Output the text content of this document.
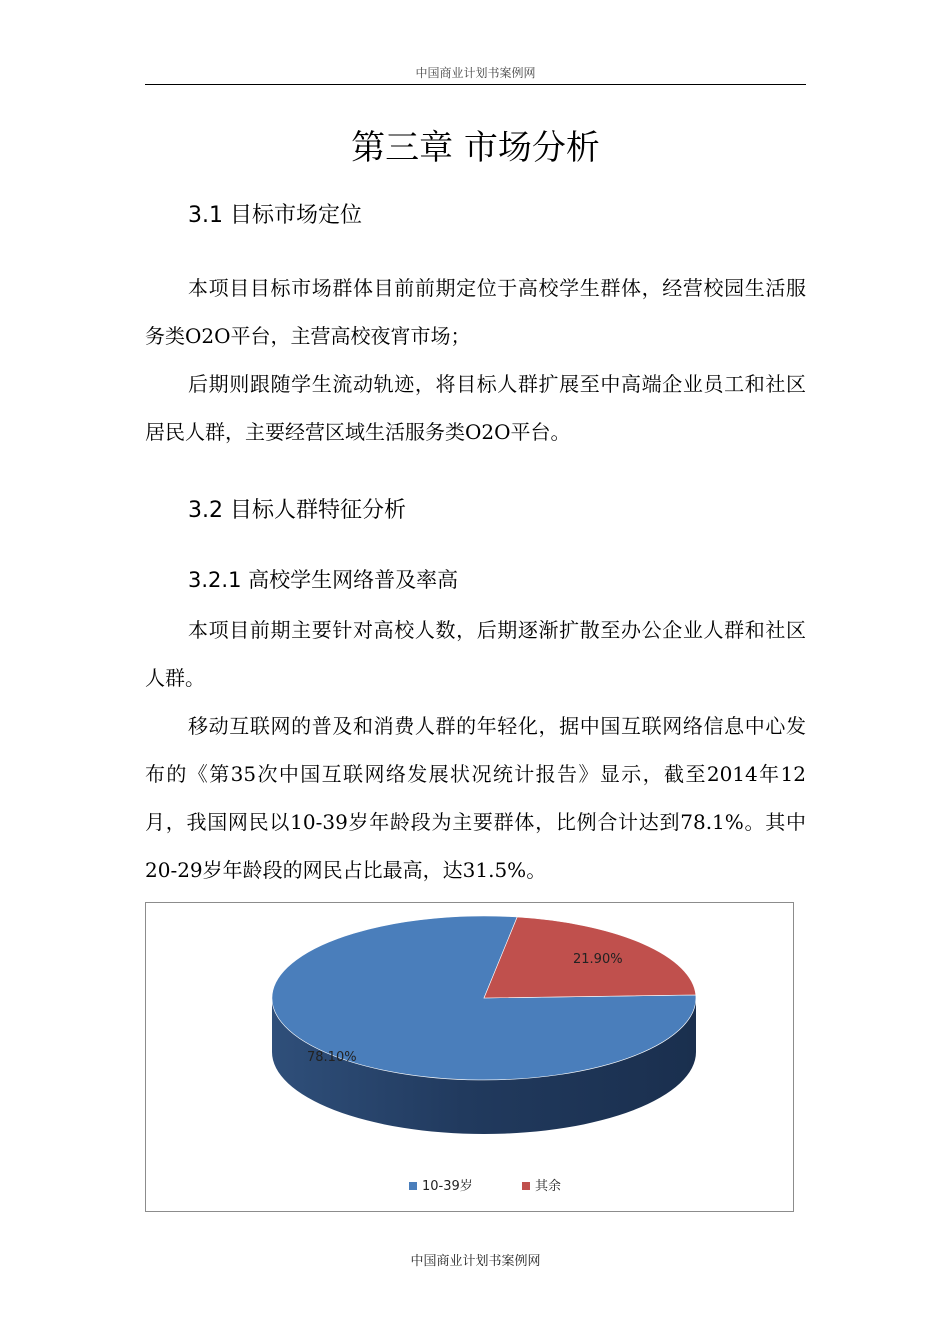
中国商业计划书案例网
第三章 市场分析
3.1 目标市场定位

本项目目标市场群体目前前期定位于高校学生群体，经营校园生活服务类O2O平台，主营高校夜宵市场；

后期则跟随学生流动轨迹，将目标人群扩展至中高端企业员工和社区居民人群，主要经营区域生活服务类O2O平台。

3.2 目标人群特征分析
3.2.1 高校学生网络普及率高

本项目前期主要针对高校人数，后期逐渐扩散至办公企业人群和社区人群。

移动互联网的普及和消费人群的年轻化，据中国互联网络信息中心发布的《第35次中国互联网络发展状况统计报告》显示，截至2014年12月，我国网民以10-39岁年龄段为主要群体，比例合计达到78.1%。其中20-29岁年龄段的网民占比最高，达31.5%。

78.10%
21.90%
10-39岁	其余
中国商业计划书案例网
